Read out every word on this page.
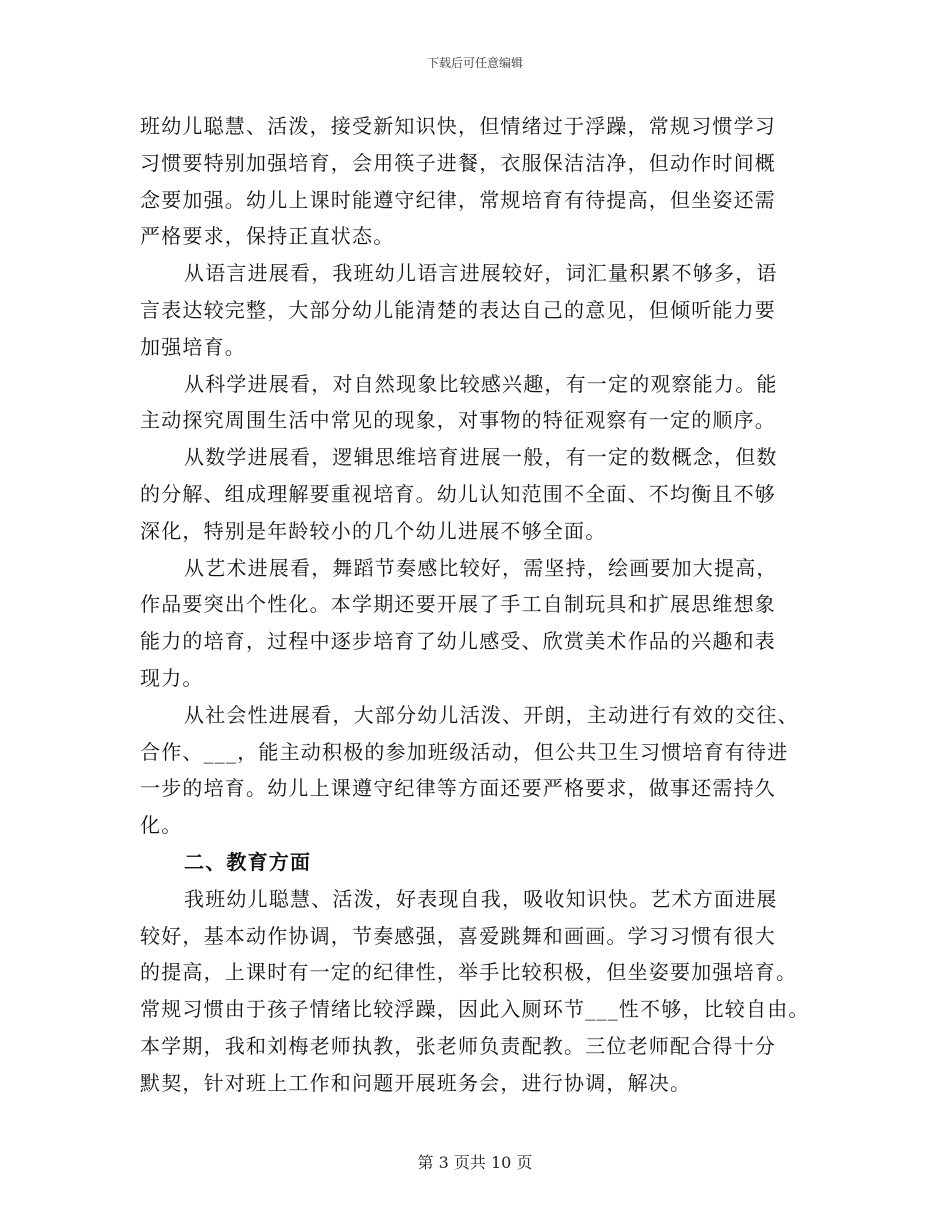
下载后可任意编辑
班幼儿聪慧、活泼，接受新知识快，但情绪过于浮躁，常规习惯学习
习惯要特别加强培育，会用筷子进餐，衣服保洁洁净，但动作时间概
念要加强。幼儿上课时能遵守纪律，常规培育有待提高，但坐姿还需
严格要求，保持正直状态。
从语言进展看，我班幼儿语言进展较好，词汇量积累不够多，语
言表达较完整，大部分幼儿能清楚的表达自己的意见，但倾听能力要
加强培育。
从科学进展看，对自然现象比较感兴趣，有一定的观察能力。能
主动探究周围生活中常见的现象，对事物的特征观察有一定的顺序。
从数学进展看，逻辑思维培育进展一般，有一定的数概念，但数
的分解、组成理解要重视培育。幼儿认知范围不全面、不均衡且不够
深化，特别是年龄较小的几个幼儿进展不够全面。
从艺术进展看，舞蹈节奏感比较好，需坚持，绘画要加大提高，
作品要突出个性化。本学期还要开展了手工自制玩具和扩展思维想象
能力的培育，过程中逐步培育了幼儿感受、欣赏美术作品的兴趣和表
现力。
从社会性进展看，大部分幼儿活泼、开朗，主动进行有效的交往、
合作、___，能主动积极的参加班级活动，但公共卫生习惯培育有待进
一步的培育。幼儿上课遵守纪律等方面还要严格要求，做事还需持久
化。
二、教育方面
我班幼儿聪慧、活泼，好表现自我，吸收知识快。艺术方面进展
较好，基本动作协调，节奏感强，喜爱跳舞和画画。学习习惯有很大
的提高，上课时有一定的纪律性，举手比较积极，但坐姿要加强培育。
常规习惯由于孩子情绪比较浮躁，因此入厕环节___性不够，比较自由。
本学期，我和刘梅老师执教，张老师负责配教。三位老师配合得十分
默契，针对班上工作和问题开展班务会，进行协调，解决。
第 3 页共 10 页
